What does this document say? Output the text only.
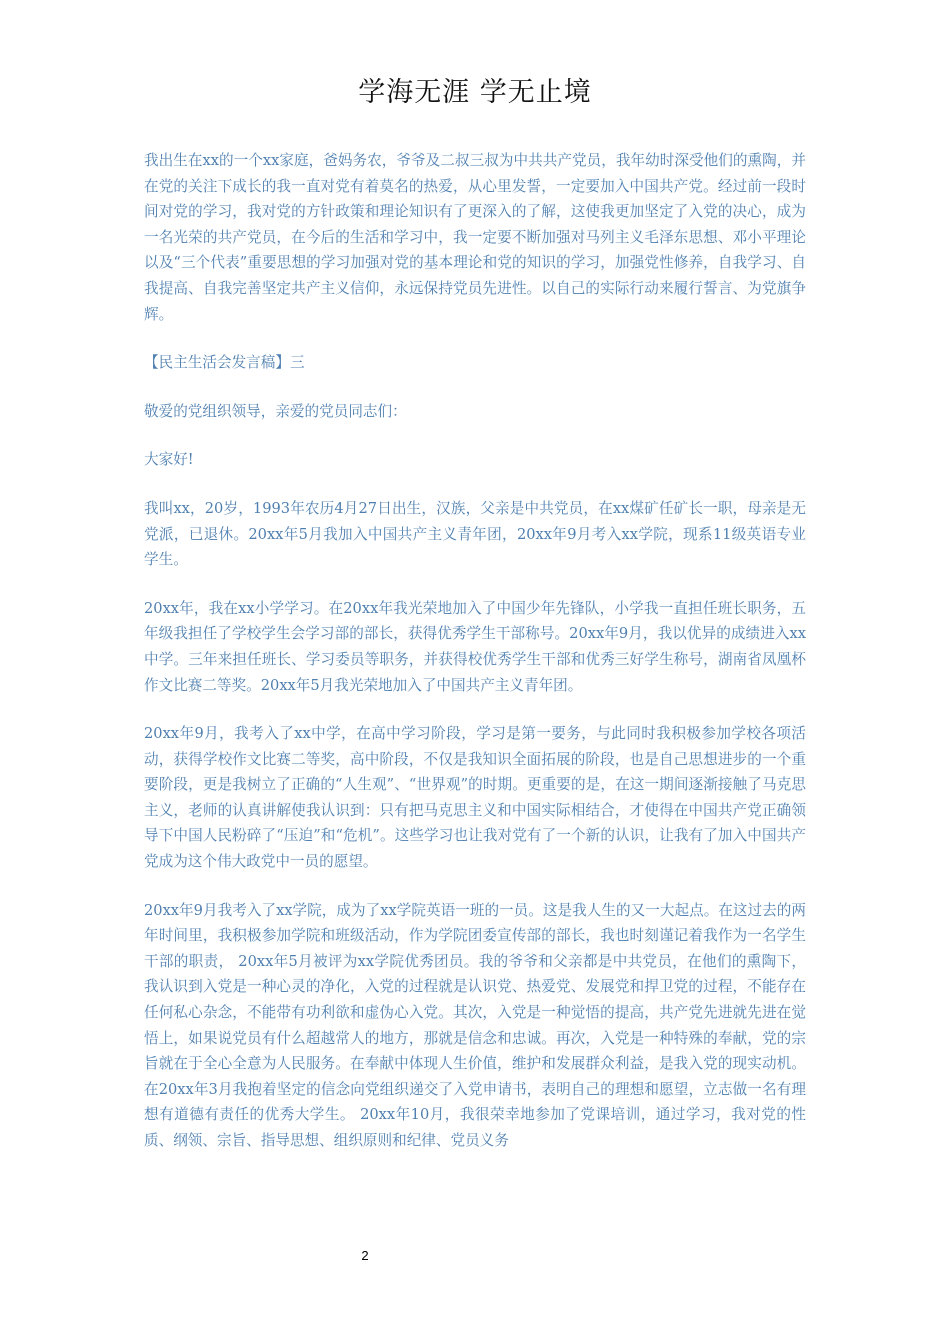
学海无涯 学无止境

我出生在xx的一个xx家庭，爸妈务农，爷爷及二叔三叔为中共共产党员，我年幼时深受他们的熏陶，并在党的关注下成长的我一直对党有着莫名的热爱，从心里发誓，一定要加入中国共产党。经过前一段时间对党的学习，我对党的方针政策和理论知识有了更深入的了解，这使我更加坚定了入党的决心，成为一名光荣的共产党员，在今后的生活和学习中，我一定要不断加强对马列主义毛泽东思想、邓小平理论以及“三个代表”重要思想的学习加强对党的基本理论和党的知识的学习，加强党性修养，自我学习、自我提高、自我完善坚定共产主义信仰，永远保持党员先进性。以自己的实际行动来履行誓言、为党旗争辉。

【民主生活会发言稿】三

敬爱的党组织领导，亲爱的党员同志们：

大家好!

我叫xx，20岁，1993年农历4月27日出生，汉族，父亲是中共党员，在xx煤矿任矿长一职，母亲是无党派，已退休。20xx年5月我加入中国共产主义青年团，20xx年9月考入xx学院，现系11级英语专业学生。

20xx年，我在xx小学学习。在20xx年我光荣地加入了中国少年先锋队，小学我一直担任班长职务，五年级我担任了学校学生会学习部的部长，获得优秀学生干部称号。20xx年9月，我以优异的成绩进入xx中学。三年来担任班长、学习委员等职务，并获得校优秀学生干部和优秀三好学生称号，湖南省凤凰杯作文比赛二等奖。20xx年5月我光荣地加入了中国共产主义青年团。

20xx年9月，我考入了xx中学，在高中学习阶段，学习是第一要务，与此同时我积极参加学校各项活动，获得学校作文比赛二等奖，高中阶段，不仅是我知识全面拓展的阶段，也是自己思想进步的一个重要阶段，更是我树立了正确的“人生观”、“世界观”的时期。更重要的是，在这一期间逐渐接触了马克思主义，老师的认真讲解使我认识到：只有把马克思主义和中国实际相结合，才使得在中国共产党正确领导下中国人民粉碎了“压迫”和“危机”。这些学习也让我对党有了一个新的认识，让我有了加入中国共产党成为这个伟大政党中一员的愿望。

20xx年9月我考入了xx学院，成为了xx学院英语一班的一员。这是我人生的又一大起点。在这过去的两年时间里，我积极参加学院和班级活动，作为学院团委宣传部的部长，我也时刻谨记着我作为一名学生干部的职责， 20xx年5月被评为xx学院优秀团员。我的爷爷和父亲都是中共党员，在他们的熏陶下，我认识到入党是一种心灵的净化，入党的过程就是认识党、热爱党、发展党和捍卫党的过程，不能存在任何私心杂念，不能带有功利欲和虚伪心入党。其次，入党是一种觉悟的提高，共产党先进就先进在觉悟上，如果说党员有什么超越常人的地方，那就是信念和忠诚。再次，入党是一种特殊的奉献，党的宗旨就在于全心全意为人民服务。在奉献中体现人生价值，维护和发展群众利益，是我入党的现实动机。在20xx年3月我抱着坚定的信念向党组织递交了入党申请书，表明自己的理想和愿望，立志做一名有理想有道德有责任的优秀大学生。 20xx年10月，我很荣幸地参加了党课培训，通过学习，我对党的性质、纲领、宗旨、指导思想、组织原则和纪律、党员义务

2
